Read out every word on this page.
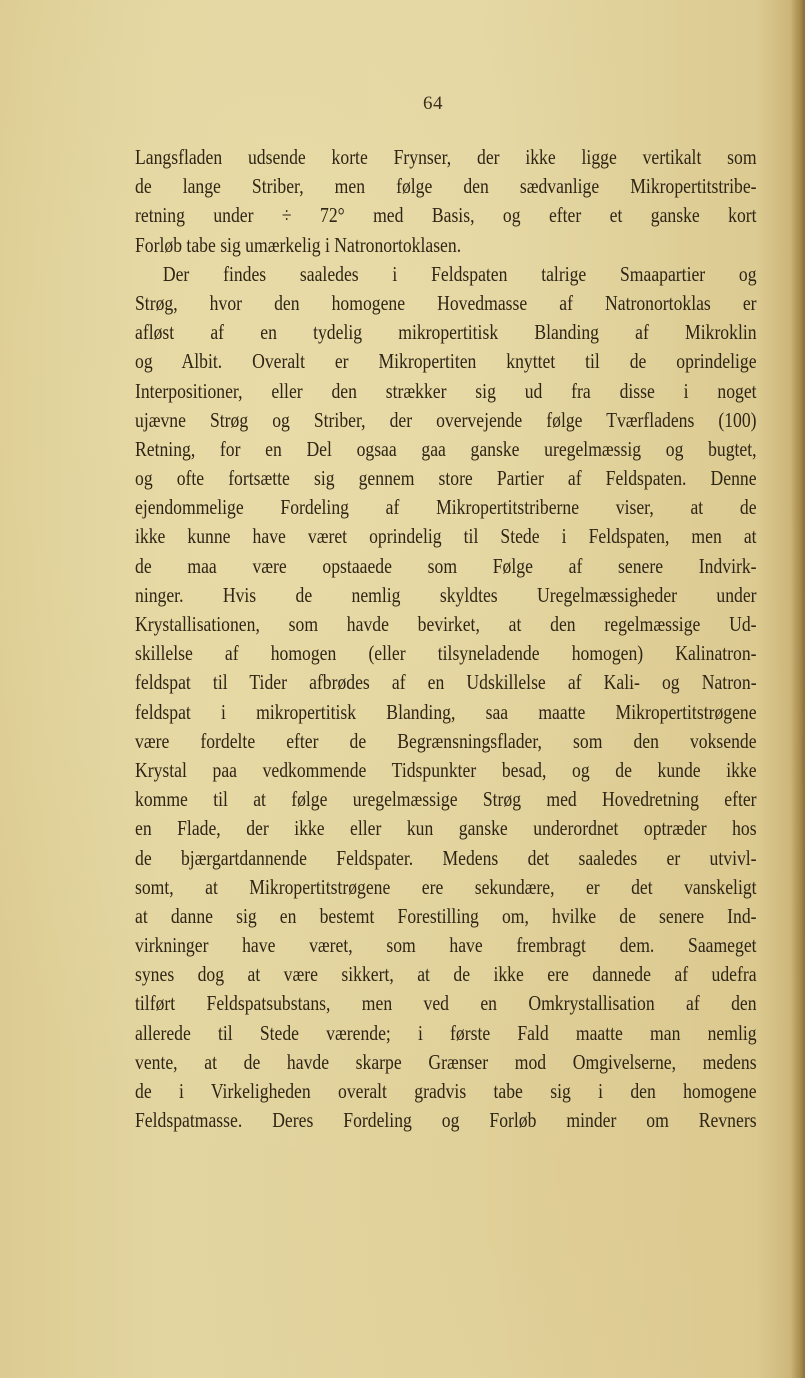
64
Langsfladen udsende korte Frynser, der ikke ligge vertikalt som
de lange Striber, men følge den sædvanlige Mikropertitstribe-
retning under ÷ 72° med Basis, og efter et ganske kort
Forløb tabe sig umærkelig i Natronortoklasen.
Der findes saaledes i Feldspaten talrige Smaapartier og
Strøg, hvor den homogene Hovedmasse af Natronortoklas er
afløst af en tydelig mikropertitisk Blanding af Mikroklin
og Albit. Overalt er Mikropertiten knyttet til de oprindelige
Interpositioner, eller den strækker sig ud fra disse i noget
ujævne Strøg og Striber, der overvejende følge Tværfladens (100)
Retning, for en Del ogsaa gaa ganske uregelmæssig og bugtet,
og ofte fortsætte sig gennem store Partier af Feldspaten. Denne
ejendommelige Fordeling af Mikropertitstriberne viser, at de
ikke kunne have været oprindelig til Stede i Feldspaten, men at
de maa være opstaaede som Følge af senere Indvirk-
ninger. Hvis de nemlig skyldtes Uregelmæssigheder under
Krystallisationen, som havde bevirket, at den regelmæssige Ud-
skillelse af homogen (eller tilsyneladende homogen) Kalinatron-
feldspat til Tider afbrødes af en Udskillelse af Kali- og Natron-
feldspat i mikropertitisk Blanding, saa maatte Mikropertitstrøgene
være fordelte efter de Begrænsningsflader, som den voksende
Krystal paa vedkommende Tidspunkter besad, og de kunde ikke
komme til at følge uregelmæssige Strøg med Hovedretning efter
en Flade, der ikke eller kun ganske underordnet optræder hos
de bjærgartdannende Feldspater. Medens det saaledes er utvivl-
somt, at Mikropertitstrøgene ere sekundære, er det vanskeligt
at danne sig en bestemt Forestilling om, hvilke de senere Ind-
virkninger have været, som have frembragt dem. Saameget
synes dog at være sikkert, at de ikke ere dannede af udefra
tilført Feldspatsubstans, men ved en Omkrystallisation af den
allerede til Stede værende; i første Fald maatte man nemlig
vente, at de havde skarpe Grænser mod Omgivelserne, medens
de i Virkeligheden overalt gradvis tabe sig i den homogene
Feldspatmasse. Deres Fordeling og Forløb minder om Revners
